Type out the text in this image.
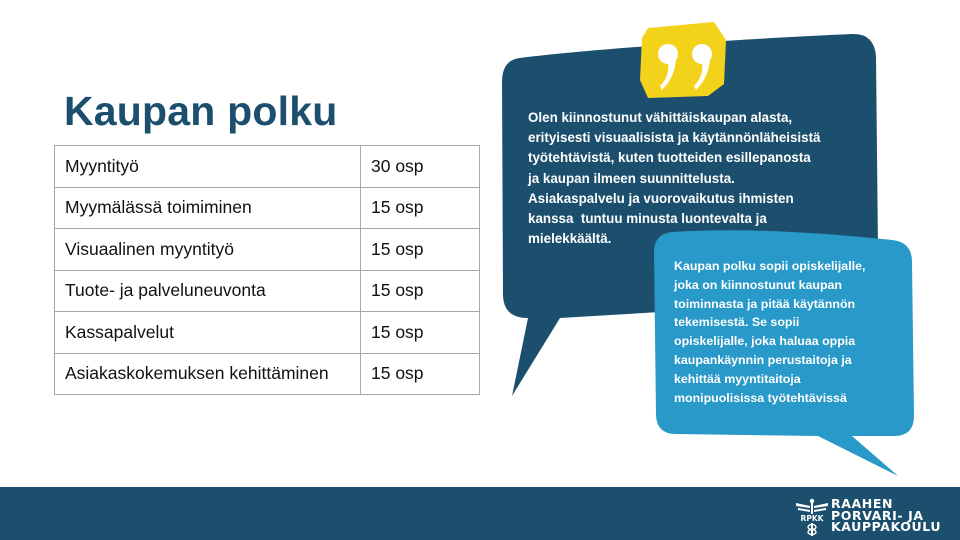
Kaupan polku
Myyntityö	30 osp
Myymälässä toimiminen	15 osp
Visuaalinen myyntityö	15 osp
Tuote- ja palveluneuvonta	15 osp
Kassapalvelut	15 osp
Asiakaskokemuksen kehittäminen	15 osp
Olen kiinnostunut vähittäiskaupan alasta,
erityisesti visuaalisista ja käytännönläheisistä
työtehtävistä, kuten tuotteiden esillepanosta
ja kaupan ilmeen suunnittelusta.
Asiakaspalvelu ja vuorovaikutus ihmisten
kanssa  tuntuu minusta luontevalta ja
mielekkäältä.
Kaupan polku sopii opiskelijalle,
joka on kiinnostunut kaupan
toiminnasta ja pitää käytännön
tekemisestä. Se sopii
opiskelijalle, joka haluaa oppia
kaupankäynnin perustaitoja ja
kehittää myyntitaitoja
monipuolisissa työtehtävissä
RPKK
RAAHEN
PORVARI- JA
KAUPPAKOULU
